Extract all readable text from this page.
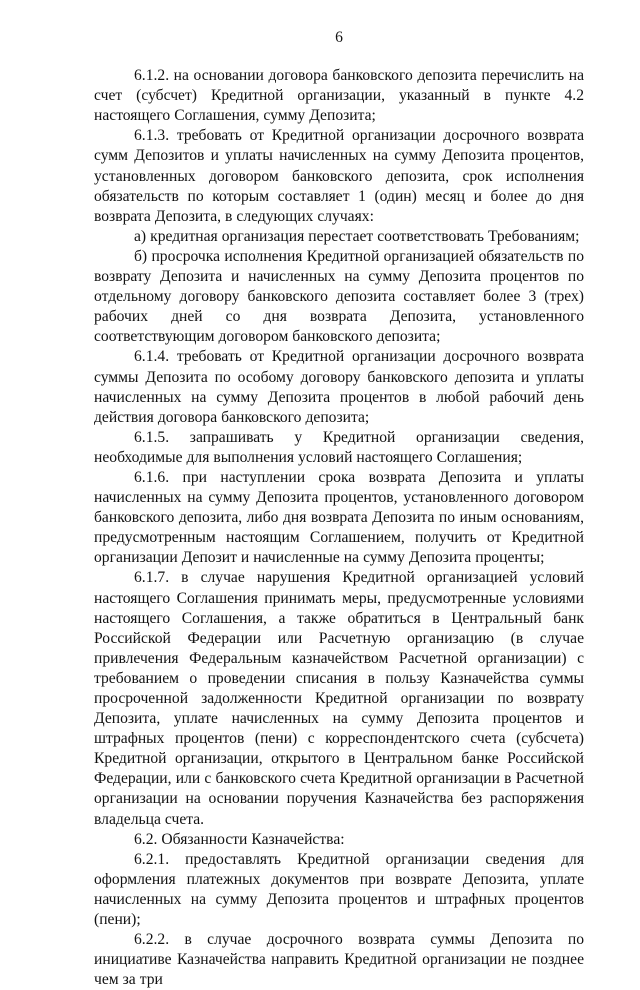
6

6.1.2. на основании договора банковского депозита перечислить на счет (субсчет) Кредитной организации, указанный в пункте 4.2 настоящего Соглашения, сумму Депозита;

6.1.3. требовать от Кредитной организации досрочного возврата сумм Депозитов и уплаты начисленных на сумму Депозита процентов, установленных договором банковского депозита, срок исполнения обязательств по которым составляет 1 (один) месяц и более до дня возврата Депозита, в следующих случаях:

а) кредитная организация перестает соответствовать Требованиям;

б) просрочка исполнения Кредитной организацией обязательств по возврату Депозита и начисленных на сумму Депозита процентов по отдельному договору банковского депозита составляет более 3 (трех) рабочих дней со дня возврата Депозита, установленного соответствующим договором банковского депозита;

6.1.4. требовать от Кредитной организации досрочного возврата суммы Депозита по особому договору банковского депозита и уплаты начисленных на сумму Депозита процентов в любой рабочий день действия договора банковского депозита;

6.1.5. запрашивать у Кредитной организации сведения, необходимые для выполнения условий настоящего Соглашения;

6.1.6. при наступлении срока возврата Депозита и уплаты начисленных на сумму Депозита процентов, установленного договором банковского депозита, либо дня возврата Депозита по иным основаниям, предусмотренным настоящим Соглашением, получить от Кредитной организации Депозит и начисленные на сумму Депозита проценты;

6.1.7. в случае нарушения Кредитной организацией условий настоящего Соглашения принимать меры, предусмотренные условиями настоящего Соглашения, а также обратиться в Центральный банк Российской Федерации или Расчетную организацию (в случае привлечения Федеральным казначейством Расчетной организации) с требованием о проведении списания в пользу Казначейства суммы просроченной задолженности Кредитной организации по возврату Депозита, уплате начисленных на сумму Депозита процентов и штрафных процентов (пени) с корреспондентского счета (субсчета) Кредитной организации, открытого в Центральном банке Российской Федерации, или с банковского счета Кредитной организации в Расчетной организации на основании поручения Казначейства без распоряжения владельца счета.

6.2. Обязанности Казначейства:

6.2.1. предоставлять Кредитной организации сведения для оформления платежных документов при возврате Депозита, уплате начисленных на сумму Депозита процентов и штрафных процентов (пени);

6.2.2. в случае досрочного возврата суммы Депозита по инициативе Казначейства направить Кредитной организации не позднее чем за три
